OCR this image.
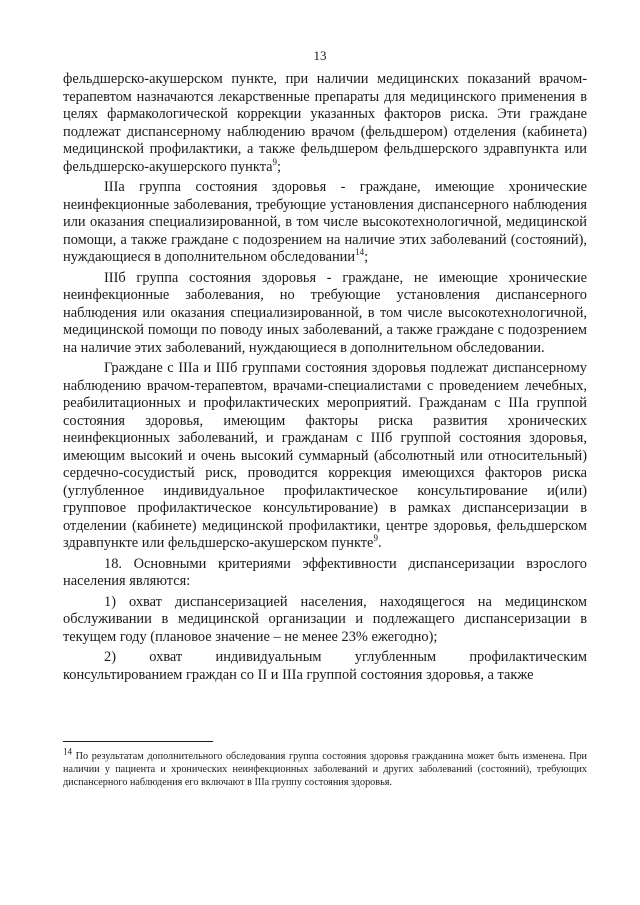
13

фельдшерско-акушерском пункте, при наличии медицинских показаний врачом-терапевтом назначаются лекарственные препараты для медицинского применения в целях фармакологической коррекции указанных факторов риска. Эти граждане подлежат диспансерному наблюдению врачом (фельдшером) отделения (кабинета) медицинской профилактики, а также фельдшером фельдшерского здравпункта или фельдшерско-акушерского пункта$^9$;

IIIа группа состояния здоровья - граждане, имеющие хронические неинфекционные заболевания, требующие установления диспансерного наблюдения или оказания специализированной, в том числе высокотехнологичной, медицинской помощи, а также граждане с подозрением на наличие этих заболеваний (состояний), нуждающиеся в дополнительном обследовании$^{14}$;

IIIб группа состояния здоровья - граждане, не имеющие хронические неинфекционные заболевания, но требующие установления диспансерного наблюдения или оказания специализированной, в том числе высокотехнологичной, медицинской помощи по поводу иных заболеваний, а также граждане с подозрением на наличие этих заболеваний, нуждающиеся в дополнительном обследовании.

Граждане с IIIа и IIIб группами состояния здоровья подлежат диспансерному наблюдению врачом-терапевтом, врачами-специалистами с проведением лечебных, реабилитационных и профилактических мероприятий. Гражданам с IIIа группой состояния здоровья, имеющим факторы риска развития хронических неинфекционных заболеваний, и гражданам с IIIб группой состояния здоровья, имеющим высокий и очень высокий суммарный (абсолютный или относительный) сердечно-сосудистый риск, проводится коррекция имеющихся факторов риска (углубленное индивидуальное профилактическое консультирование и(или) групповое профилактическое консультирование) в рамках диспансеризации в отделении (кабинете) медицинской профилактики, центре здоровья, фельдшерском здравпункте или фельдшерско-акушерском пункте$^9$.

18. Основными критериями эффективности диспансеризации взрослого населения являются:

1) охват диспансеризацией населения, находящегося на медицинском обслуживании в медицинской организации и подлежащего диспансеризации в текущем году (плановое значение – не менее 23% ежегодно);

2) охват индивидуальным углубленным профилактическим консультированием граждан со II и IIIа группой состояния здоровья, а также

$^{14}$ По результатам дополнительного обследования группа состояния здоровья гражданина может быть изменена. При наличии у пациента и хронических неинфекционных заболеваний и других заболеваний (состояний), требующих диспансерного наблюдения его включают в IIIа группу состояния здоровья.
